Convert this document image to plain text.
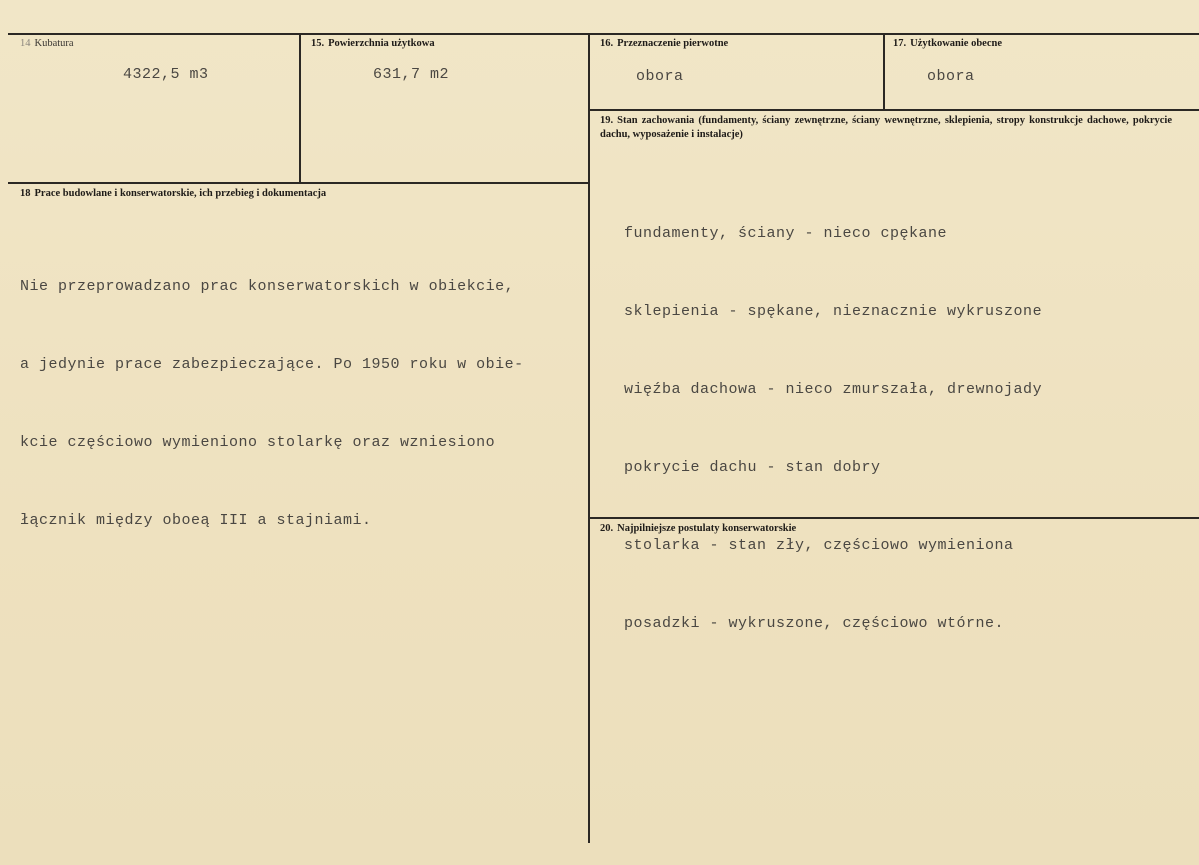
14 Kubatura
4322,5 m3
15. Powierzchnia użytkowa
631,7 m2
16. Przeznaczenie pierwotne
obora
17. Użytkowanie obecne
obora
18 Prace budowlane i konserwatorskie, ich przebieg i dokumentacja

Nie przeprowadzano prac konserwatorskich w obiekcie,

a jedynie prace zabezpieczające. Po 1950 roku w obie-

kcie częściowo wymieniono stolarkę oraz wzniesiono

łącznik między oboeą III a stajniami.

19. Stan zachowania (fundamenty, ściany zewnętrzne, ściany wewnętrzne, sklepienia, stropy konstrukcje dachowe, pokrycie dachu, wyposażenie i instalacje)

fundamenty, ściany - nieco cpękane

sklepienia - spękane, nieznacznie wykruszone

więźba dachowa - nieco zmurszała, drewnojady

pokrycie dachu - stan dobry

stolarka - stan zły, częściowo wymieniona

posadzki - wykruszone, częściowo wtórne.

20. Najpilniejsze postulaty konserwatorskie
